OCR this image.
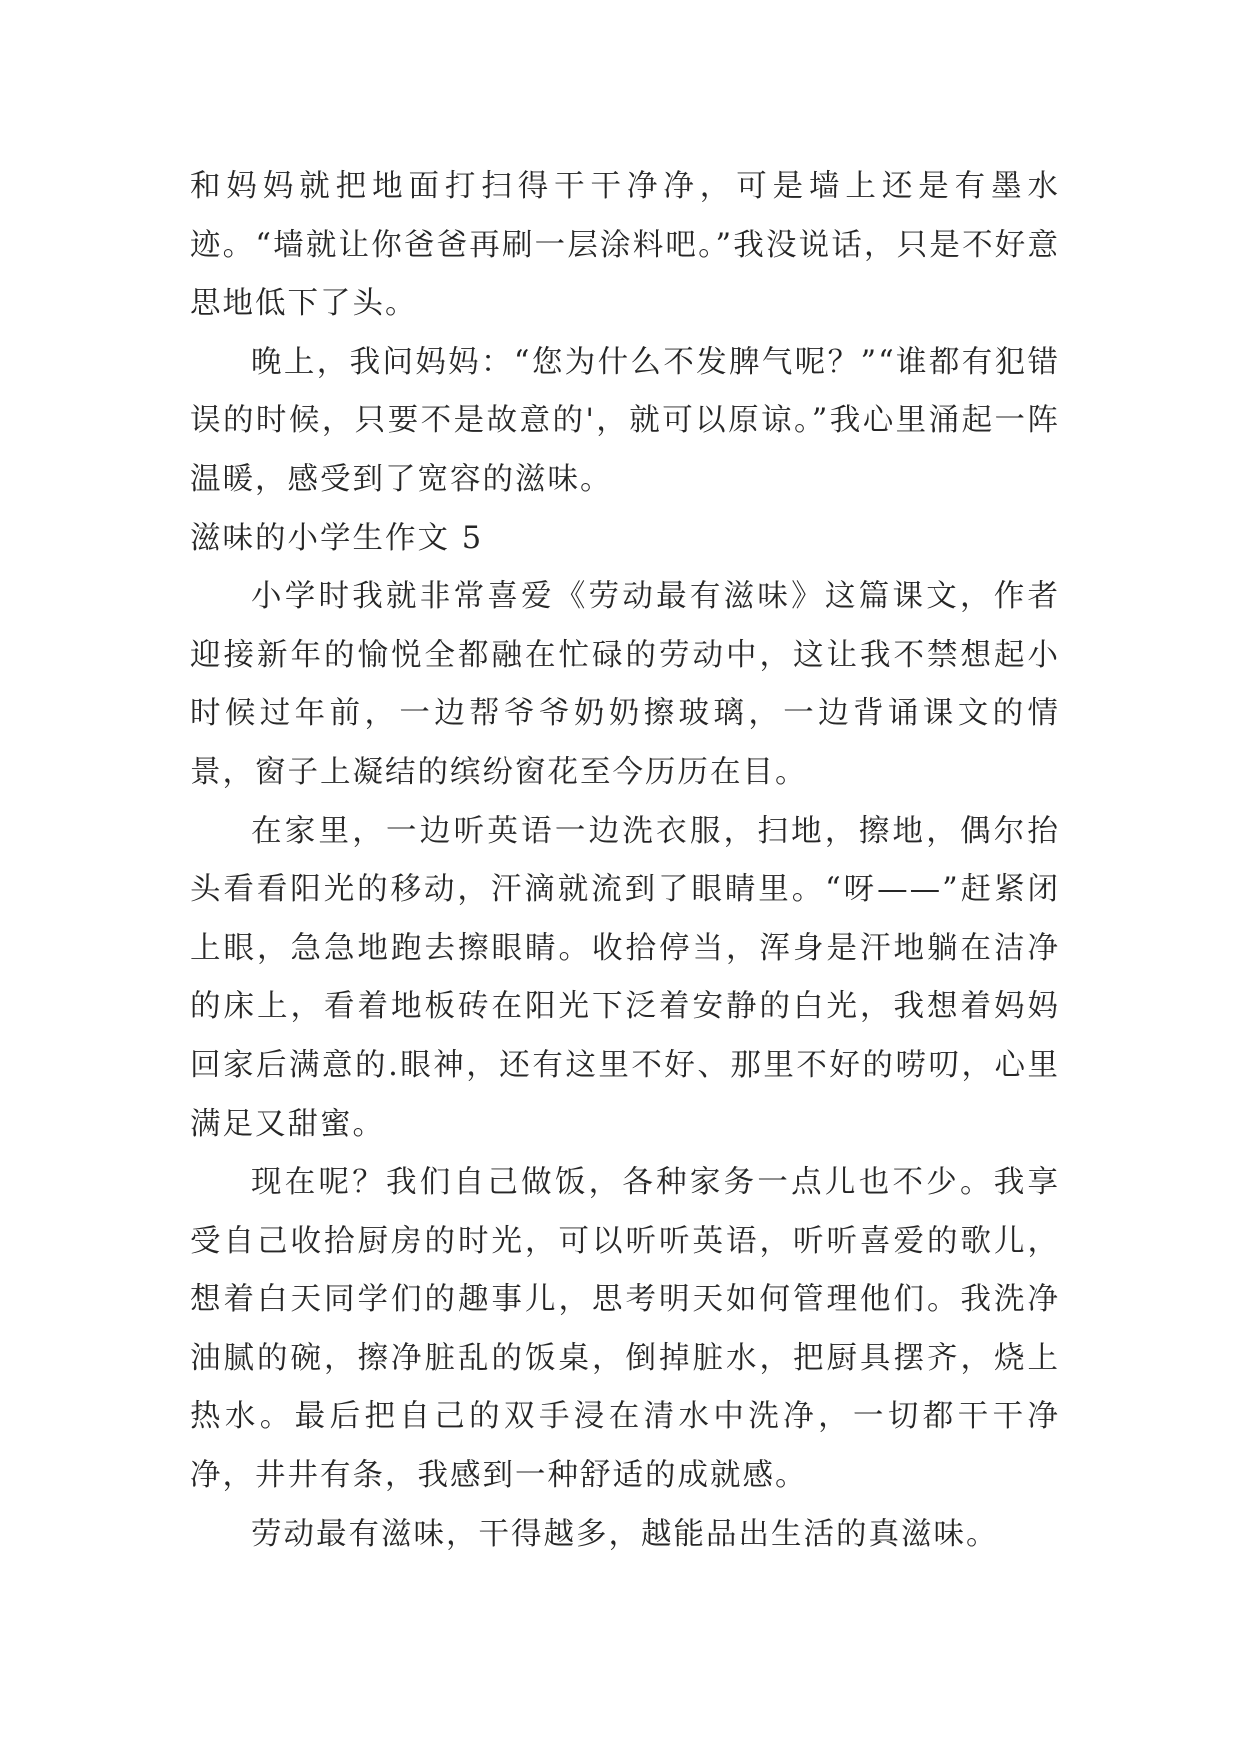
和妈妈就把地面打扫得干干净净，可是墙上还是有墨水迹。“墙就让你爸爸再刷一层涂料吧。”我没说话，只是不好意思地低下了头。

晚上，我问妈妈：“您为什么不发脾气呢？”“谁都有犯错误的时候，只要不是故意的'，就可以原谅。”我心里涌起一阵温暖，感受到了宽容的滋味。

滋味的小学生作文 5

小学时我就非常喜爱《劳动最有滋味》这篇课文，作者迎接新年的愉悦全都融在忙碌的劳动中，这让我不禁想起小时候过年前，一边帮爷爷奶奶擦玻璃，一边背诵课文的情景，窗子上凝结的缤纷窗花至今历历在目。

在家里，一边听英语一边洗衣服，扫地，擦地，偶尔抬头看看阳光的移动，汗滴就流到了眼睛里。“呀——”赶紧闭上眼，急急地跑去擦眼睛。收拾停当，浑身是汗地躺在洁净的床上，看着地板砖在阳光下泛着安静的白光，我想着妈妈回家后满意的.眼神，还有这里不好、那里不好的唠叨，心里满足又甜蜜。

现在呢？我们自己做饭，各种家务一点儿也不少。我享受自己收拾厨房的时光，可以听听英语，听听喜爱的歌儿，想着白天同学们的趣事儿，思考明天如何管理他们。我洗净油腻的碗，擦净脏乱的饭桌，倒掉脏水，把厨具摆齐，烧上热水。最后把自己的双手浸在清水中洗净，一切都干干净净，井井有条，我感到一种舒适的成就感。

劳动最有滋味，干得越多，越能品出生活的真滋味。
